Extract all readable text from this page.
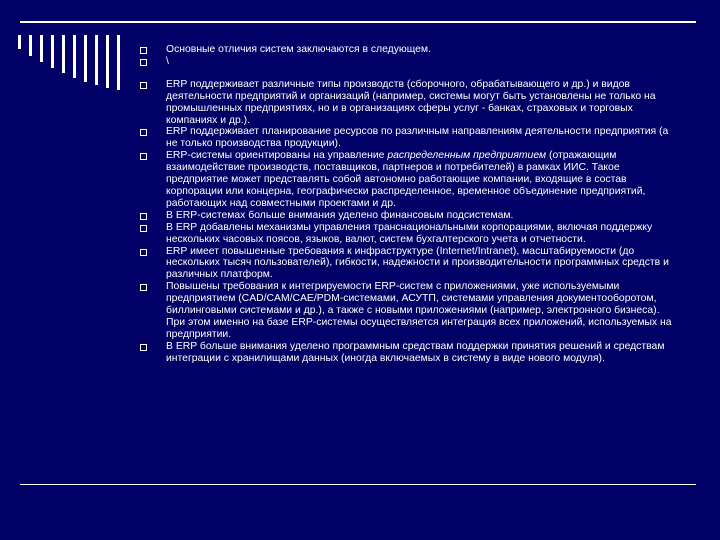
Основные отличия систем заключаются в следующем.
\
ERP поддерживает различные типы производств (сборочного, обрабатывающего и др.) и видов деятельности предприятий и организаций (например, системы могут быть установлены не только на промышленных предприятиях, но и в организациях сферы услуг - банках, страховых и торговых компаниях и др.).
ERP поддерживает планирование ресурсов по различным направлениям деятельности предприятия (а не только производства продукции).
ERP-системы ориентированы на управление распределенным предприятием (отражающим взаимодействие производств, поставщиков, партнеров и потребителей) в рамках ИИС. Такое предприятие может представлять собой автономно работающие компании, входящие в состав корпорации или концерна, географически распределенное, временное объединение предприятий, работающих над совместными проектами и др.
В ERP-системах больше внимания уделено финансовым подсистемам.
В ERP добавлены механизмы управления транснациональными корпорациями, включая поддержку нескольких часовых поясов, языков, валют, систем бухгалтерского учета и отчетности.
ERP имеет повышенные требования к инфраструктуре (Internet/Intranet), масштабируемости (до нескольких тысяч пользователей), гибкости, надежности и производительности программных средств и различных платформ.
Повышены требования к интегрируемости ERP-систем с приложениями, уже используемыми предприятием (CAD/CAM/CAE/PDM-системами, АСУТП, системами управления документооборотом, биллинговыми системами и др.), а также с новыми приложениями (например, электронного бизнеса). При этом именно на базе ERP-системы осуществляется интеграция всех приложений, используемых на предприятии.
В ERP больше внимания уделено программным средствам поддержки принятия решений и средствам интеграции с хранилищами данных (иногда включаемых в систему в виде нового модуля).
